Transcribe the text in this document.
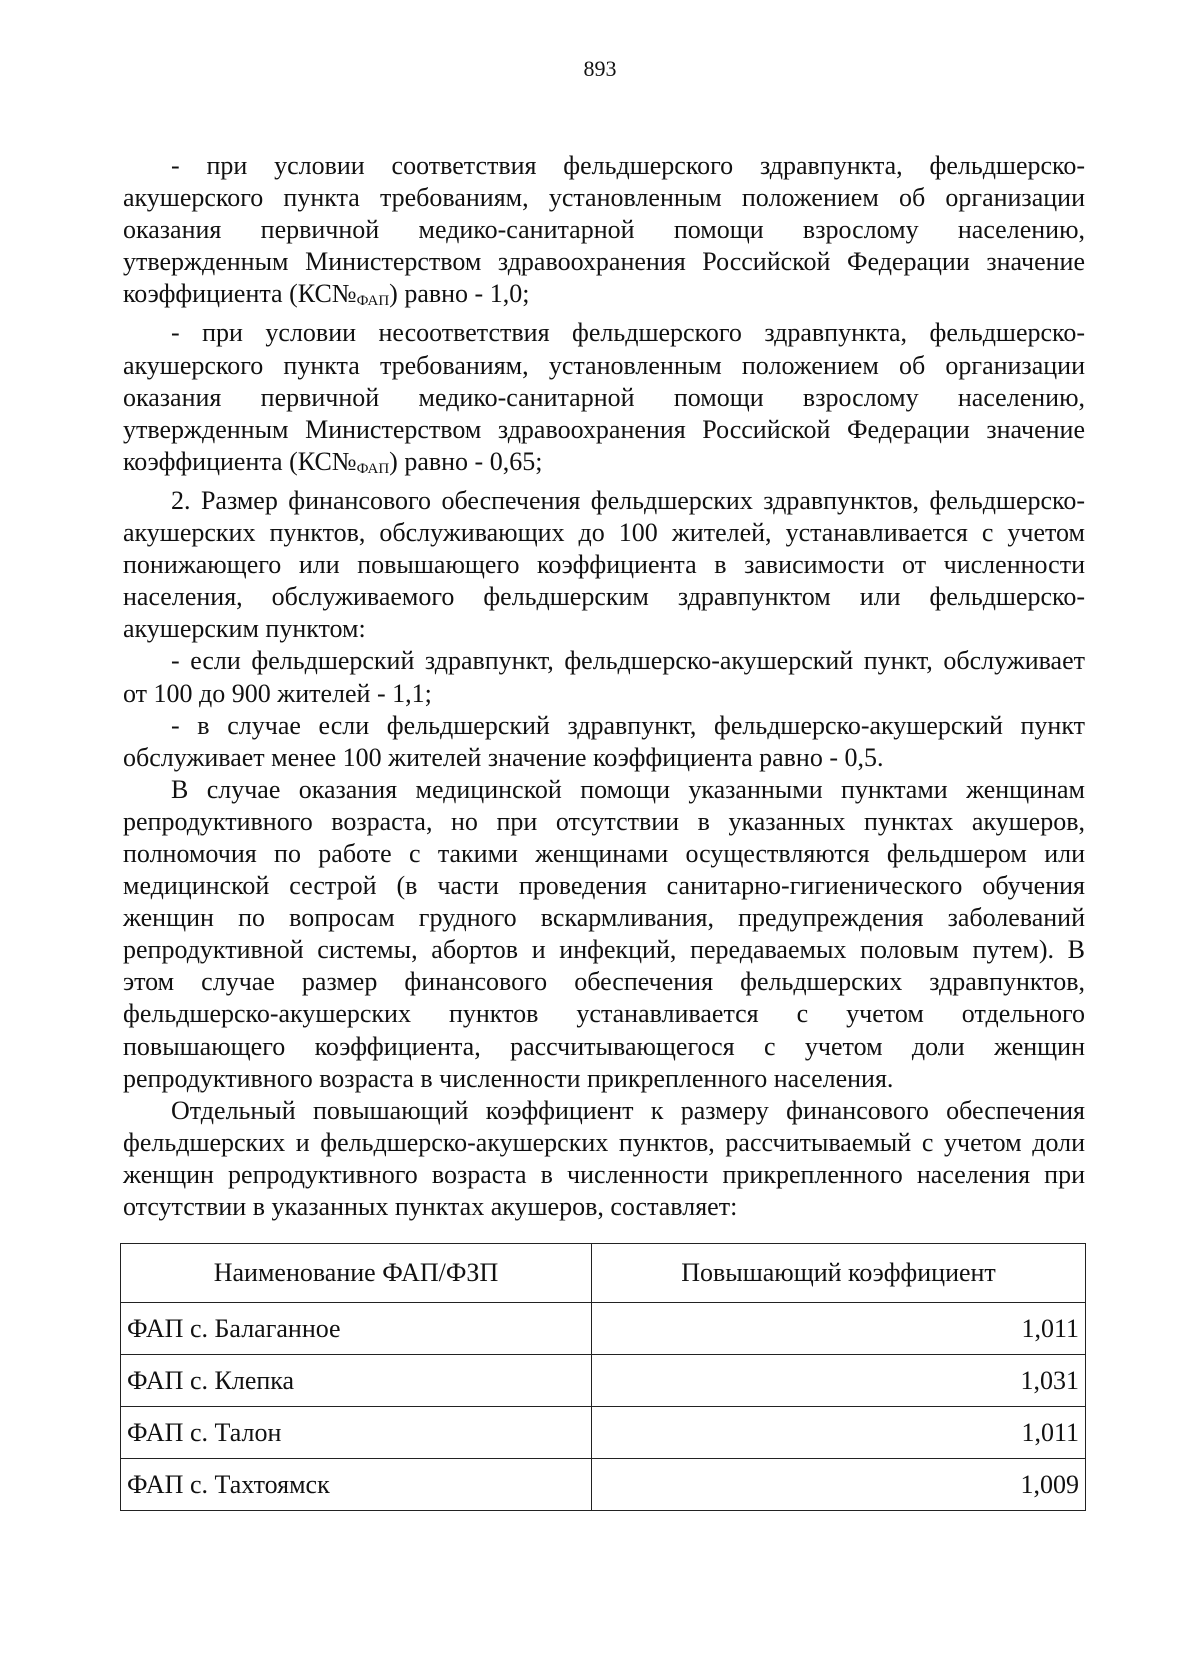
893

- при условии соответствия фельдшерского здравпункта, фельдшерско-акушерского пункта требованиям, установленным положением об организации оказания первичной медико-санитарной помощи взрослому населению, утвержденным Министерством здравоохранения Российской Федерации значение коэффициента $(КС№_{ФАП})$ равно - 1,0;

- при условии несоответствия фельдшерского здравпункта, фельдшерско-акушерского пункта требованиям, установленным положением об организации оказания первичной медико-санитарной помощи взрослому населению, утвержденным Министерством здравоохранения Российской Федерации значение коэффициента $(КС№_{ФАП})$ равно - 0,65;

2. Размер финансового обеспечения фельдшерских здравпунктов, фельдшерско-акушерских пунктов, обслуживающих до 100 жителей, устанавливается с учетом понижающего или повышающего коэффициента в зависимости от численности населения, обслуживаемого фельдшерским здравпунктом или фельдшерско-акушерским пунктом:

- если фельдшерский здравпункт, фельдшерско-акушерский пункт, обслуживает от 100 до 900 жителей - 1,1;

- в случае если фельдшерский здравпункт, фельдшерско-акушерский пункт обслуживает менее 100 жителей значение коэффициента равно - 0,5.

В случае оказания медицинской помощи указанными пунктами женщинам репродуктивного возраста, но при отсутствии в указанных пунктах акушеров, полномочия по работе с такими женщинами осуществляются фельдшером или медицинской сестрой (в части проведения санитарно-гигиенического обучения женщин по вопросам грудного вскармливания, предупреждения заболеваний репродуктивной системы, абортов и инфекций, передаваемых половым путем). В этом случае размер финансового обеспечения фельдшерских здравпунктов, фельдшерско-акушерских пунктов устанавливается с учетом отдельного повышающего коэффициента, рассчитывающегося с учетом доли женщин репродуктивного возраста в численности прикрепленного населения.

Отдельный повышающий коэффициент к размеру финансового обеспечения фельдшерских и фельдшерско-акушерских пунктов, рассчитываемый с учетом доли женщин репродуктивного возраста в численности прикрепленного населения при отсутствии в указанных пунктах акушеров, составляет:

Наименование ФАП/ФЗП	Повышающий коэффициент
ФАП с. Балаганное	1,011
ФАП с. Клепка	1,031
ФАП с. Талон	1,011
ФАП с. Тахтоямск	1,009
